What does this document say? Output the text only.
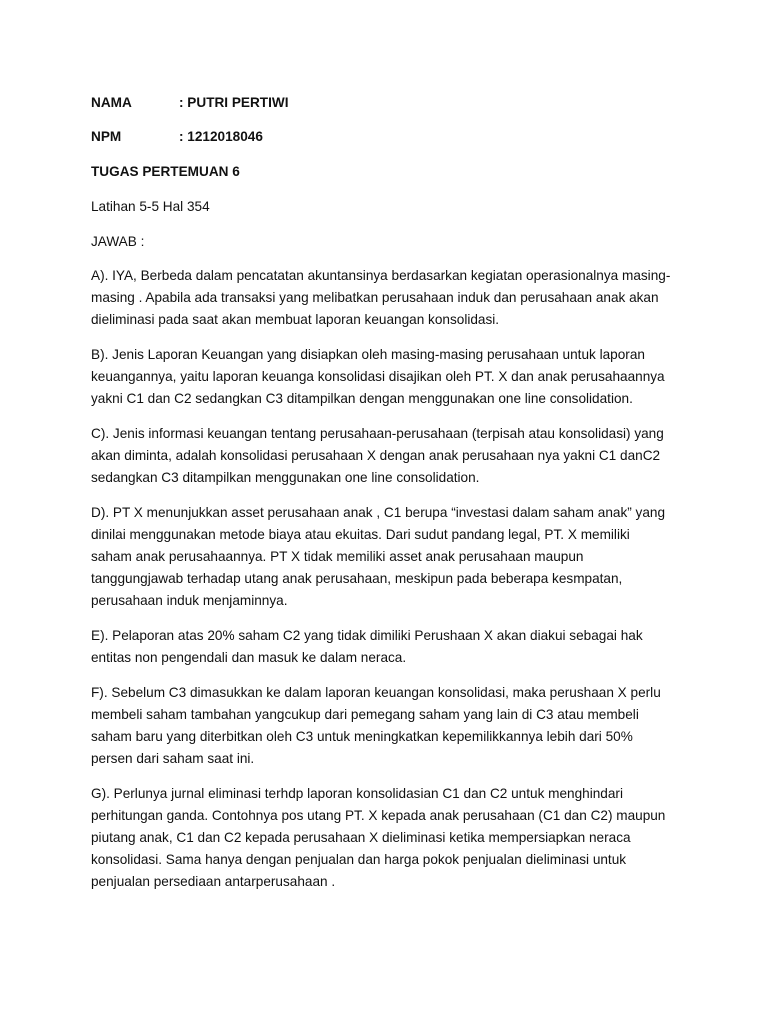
NAMA	: PUTRI PERTIWI
NPM	: 1212018046
TUGAS PERTEMUAN 6
Latihan 5-5 Hal 354
JAWAB :
A). IYA, Berbeda dalam pencatatan akuntansinya berdasarkan kegiatan operasionalnya masing-
masing . Apabila ada transaksi yang melibatkan perusahaan induk dan perusahaan anak akan
dieliminasi pada saat akan membuat laporan keuangan konsolidasi.
B). Jenis Laporan Keuangan yang disiapkan oleh masing-masing perusahaan untuk laporan
keuangannya, yaitu laporan keuanga konsolidasi disajikan oleh PT. X dan anak perusahaannya
yakni C1 dan C2 sedangkan C3 ditampilkan dengan menggunakan one line consolidation.
C). Jenis informasi keuangan tentang perusahaan-perusahaan (terpisah atau konsolidasi) yang
akan diminta, adalah konsolidasi perusahaan X dengan anak perusahaan nya yakni C1 danC2
sedangkan C3 ditampilkan menggunakan one line consolidation.
D). PT X menunjukkan asset perusahaan anak , C1 berupa “investasi dalam saham anak” yang
dinilai menggunakan metode biaya atau ekuitas. Dari sudut pandang legal, PT. X memiliki
saham anak perusahaannya. PT X tidak memiliki asset anak perusahaan maupun
tanggungjawab terhadap utang anak perusahaan, meskipun pada beberapa kesmpatan,
perusahaan induk menjaminnya.
E). Pelaporan atas 20% saham C2 yang tidak dimiliki Perushaan X akan diakui sebagai hak
entitas non pengendali dan masuk ke dalam neraca.
F). Sebelum C3 dimasukkan ke dalam laporan keuangan konsolidasi, maka perushaan X perlu
membeli saham tambahan yangcukup dari pemegang saham yang lain di C3 atau membeli
saham baru yang diterbitkan oleh C3 untuk meningkatkan kepemilikkannya lebih dari 50%
persen dari saham saat ini.
G). Perlunya jurnal eliminasi terhdp laporan konsolidasian C1 dan C2 untuk menghindari
perhitungan ganda. Contohnya pos utang PT. X kepada anak perusahaan (C1 dan C2) maupun
piutang anak, C1 dan C2 kepada perusahaan X dieliminasi ketika mempersiapkan neraca
konsolidasi. Sama hanya dengan penjualan dan harga pokok penjualan dieliminasi untuk
penjualan persediaan antarperusahaan .
